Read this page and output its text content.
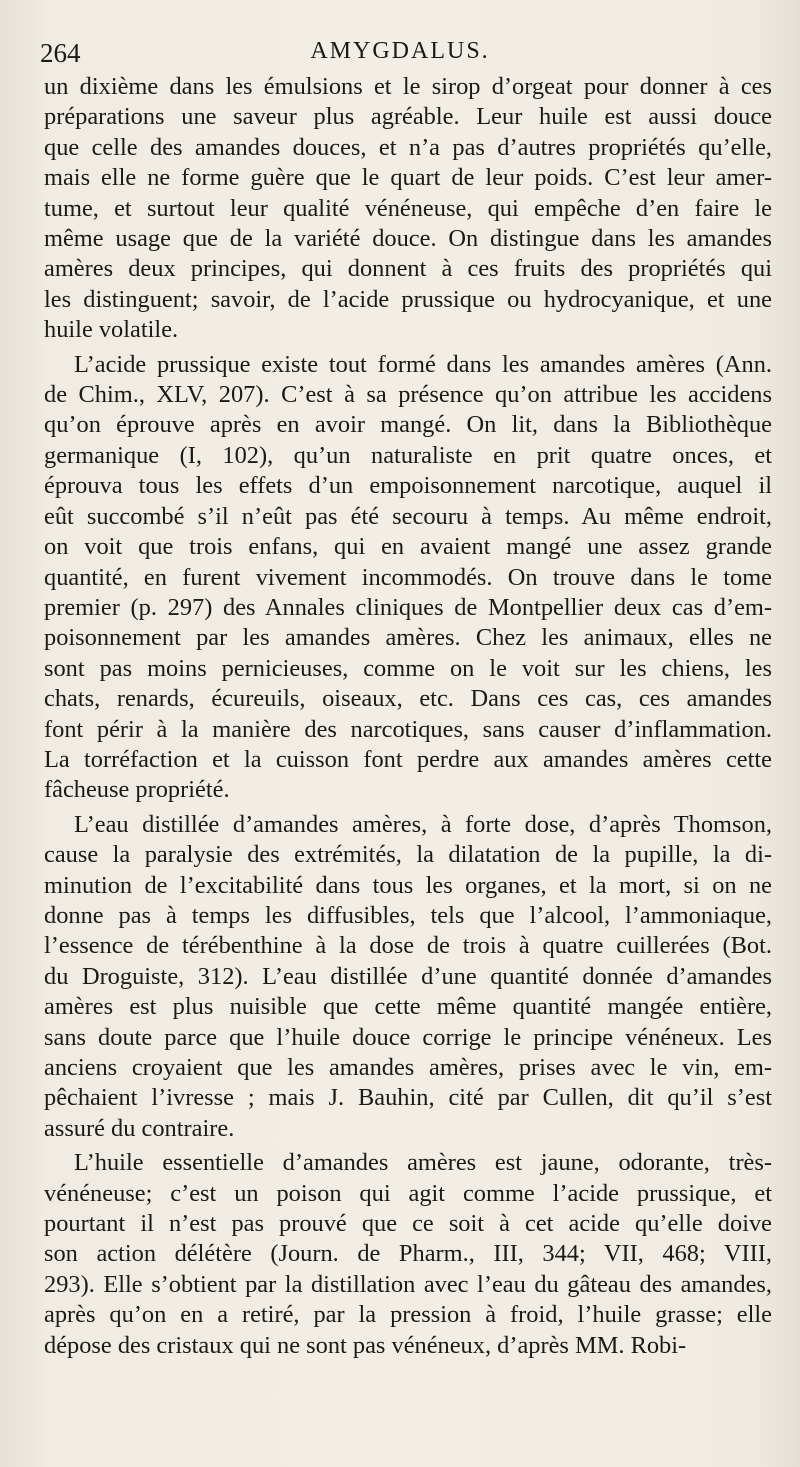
264	AMYGDALUS.
un dixième dans les émulsions et le sirop d’orgeat pour donner à ces
préparations une saveur plus agréable. Leur huile est aussi douce
que celle des amandes douces, et n’a pas d’autres propriétés qu’elle,
mais elle ne forme guère que le quart de leur poids. C’est leur amer-
tume, et surtout leur qualité vénéneuse, qui empêche d’en faire le
même usage que de la variété douce. On distingue dans les amandes
amères deux principes, qui donnent à ces fruits des propriétés qui
les distinguent; savoir, de l’acide prussique ou hydrocyanique, et une
huile volatile.
L’acide prussique existe tout formé dans les amandes amères (Ann.
de Chim., XLV, 207). C’est à sa présence qu’on attribue les accidens
qu’on éprouve après en avoir mangé. On lit, dans la Bibliothèque
germanique (I, 102), qu’un naturaliste en prit quatre onces, et
éprouva tous les effets d’un empoisonnement narcotique, auquel il
eût succombé s’il n’eût pas été secouru à temps. Au même endroit,
on voit que trois enfans, qui en avaient mangé une assez grande
quantité, en furent vivement incommodés. On trouve dans le tome
premier (p. 297) des Annales cliniques de Montpellier deux cas d’em-
poisonnement par les amandes amères. Chez les animaux, elles ne
sont pas moins pernicieuses, comme on le voit sur les chiens, les
chats, renards, écureuils, oiseaux, etc. Dans ces cas, ces amandes
font périr à la manière des narcotiques, sans causer d’inflammation.
La torréfaction et la cuisson font perdre aux amandes amères cette
fâcheuse propriété.
L’eau distillée d’amandes amères, à forte dose, d’après Thomson,
cause la paralysie des extrémités, la dilatation de la pupille, la di-
minution de l’excitabilité dans tous les organes, et la mort, si on ne
donne pas à temps les diffusibles, tels que l’alcool, l’ammoniaque,
l’essence de térébenthine à la dose de trois à quatre cuillerées (Bot.
du Droguiste, 312). L’eau distillée d’une quantité donnée d’amandes
amères est plus nuisible que cette même quantité mangée entière,
sans doute parce que l’huile douce corrige le principe vénéneux. Les
anciens croyaient que les amandes amères, prises avec le vin, em-
pêchaient l’ivresse ; mais J. Bauhin, cité par Cullen, dit qu’il s’est
assuré du contraire.
L’huile essentielle d’amandes amères est jaune, odorante, très-
vénéneuse; c’est un poison qui agit comme l’acide prussique, et
pourtant il n’est pas prouvé que ce soit à cet acide qu’elle doive
son action délétère (Journ. de Pharm., III, 344; VII, 468; VIII,
293). Elle s’obtient par la distillation avec l’eau du gâteau des amandes,
après qu’on en a retiré, par la pression à froid, l’huile grasse; elle
dépose des cristaux qui ne sont pas vénéneux, d’après MM. Robi-
